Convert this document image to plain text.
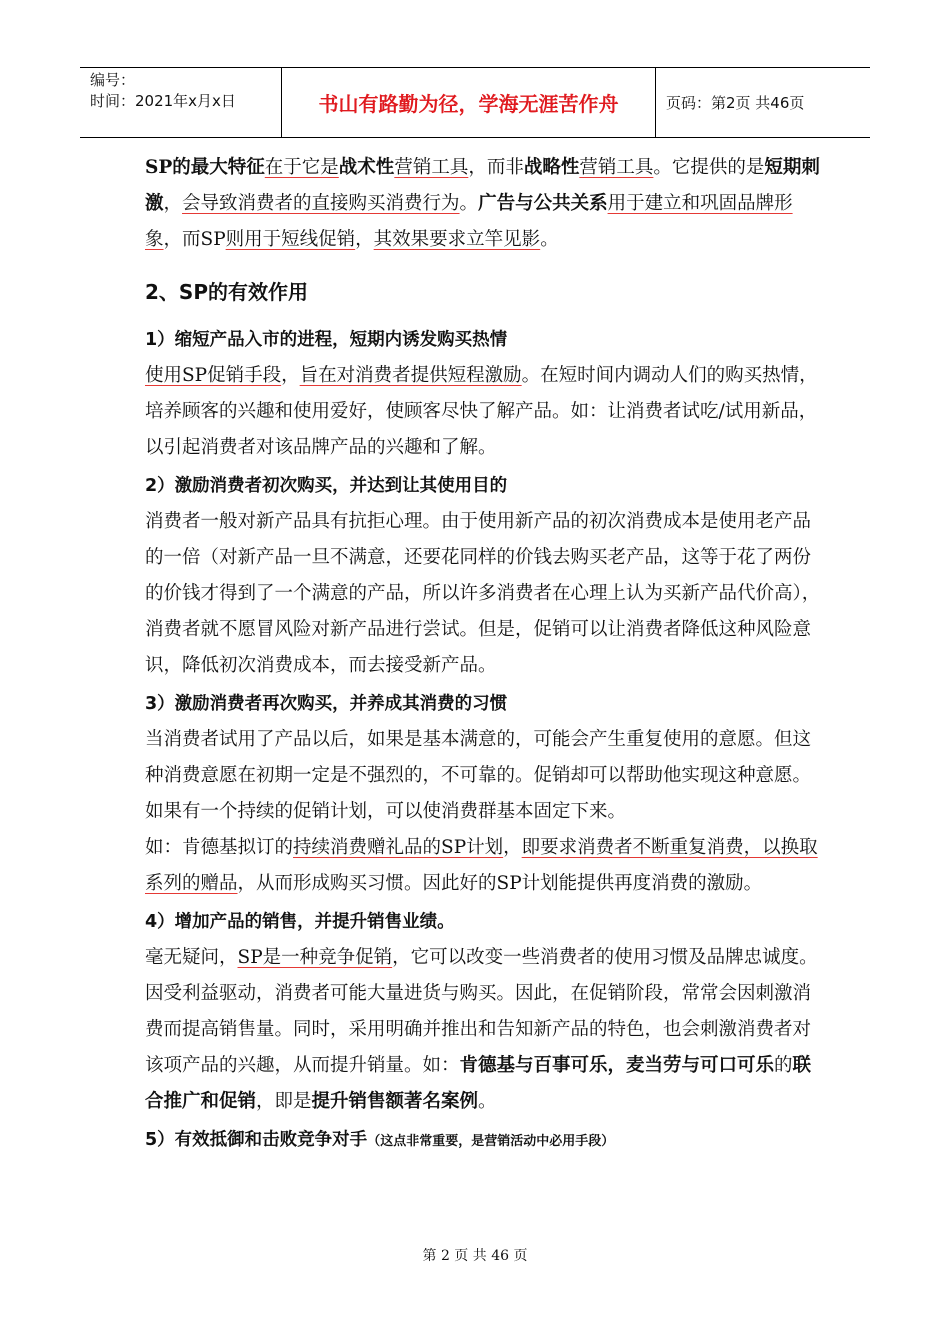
编号：
时间：2021年x月x日	书山有路勤为径，学海无涯苦作舟	页码：第2页 共46页

SP的最大特征在于它是战术性营销工具，而非战略性营销工具。它提供的是短期刺激，会导致消费者的直接购买消费行为。广告与公共关系用于建立和巩固品牌形象，而SP则用于短线促销，其效果要求立竿见影。

2、SP的有效作用
1）缩短产品入市的进程，短期内诱发购买热情

使用SP促销手段，旨在对消费者提供短程激励。在短时间内调动人们的购买热情，培养顾客的兴趣和使用爱好，使顾客尽快了解产品。如：让消费者试吃/试用新品，以引起消费者对该品牌产品的兴趣和了解。

2）激励消费者初次购买，并达到让其使用目的

消费者一般对新产品具有抗拒心理。由于使用新产品的初次消费成本是使用老产品的一倍（对新产品一旦不满意，还要花同样的价钱去购买老产品，这等于花了两份的价钱才得到了一个满意的产品，所以许多消费者在心理上认为买新产品代价高），消费者就不愿冒风险对新产品进行尝试。但是，促销可以让消费者降低这种风险意识，降低初次消费成本，而去接受新产品。

3）激励消费者再次购买，并养成其消费的习惯

当消费者试用了产品以后，如果是基本满意的，可能会产生重复使用的意愿。但这种消费意愿在初期一定是不强烈的，不可靠的。促销却可以帮助他实现这种意愿。如果有一个持续的促销计划，可以使消费群基本固定下来。

如：肯德基拟订的持续消费赠礼品的SP计划，即要求消费者不断重复消费，以换取系列的赠品，从而形成购买习惯。因此好的SP计划能提供再度消费的激励。

4）增加产品的销售，并提升销售业绩。

毫无疑问，SP是一种竞争促销，它可以改变一些消费者的使用习惯及品牌忠诚度。因受利益驱动，消费者可能大量进货与购买。因此，在促销阶段，常常会因刺激消费而提高销售量。同时，采用明确并推出和告知新产品的特色，也会刺激消费者对该项产品的兴趣，从而提升销量。如：肯德基与百事可乐，麦当劳与可口可乐的联合推广和促销，即是提升销售额著名案例。

5）有效抵御和击败竞争对手（这点非常重要，是营销活动中必用手段）
第 2 页 共 46 页
